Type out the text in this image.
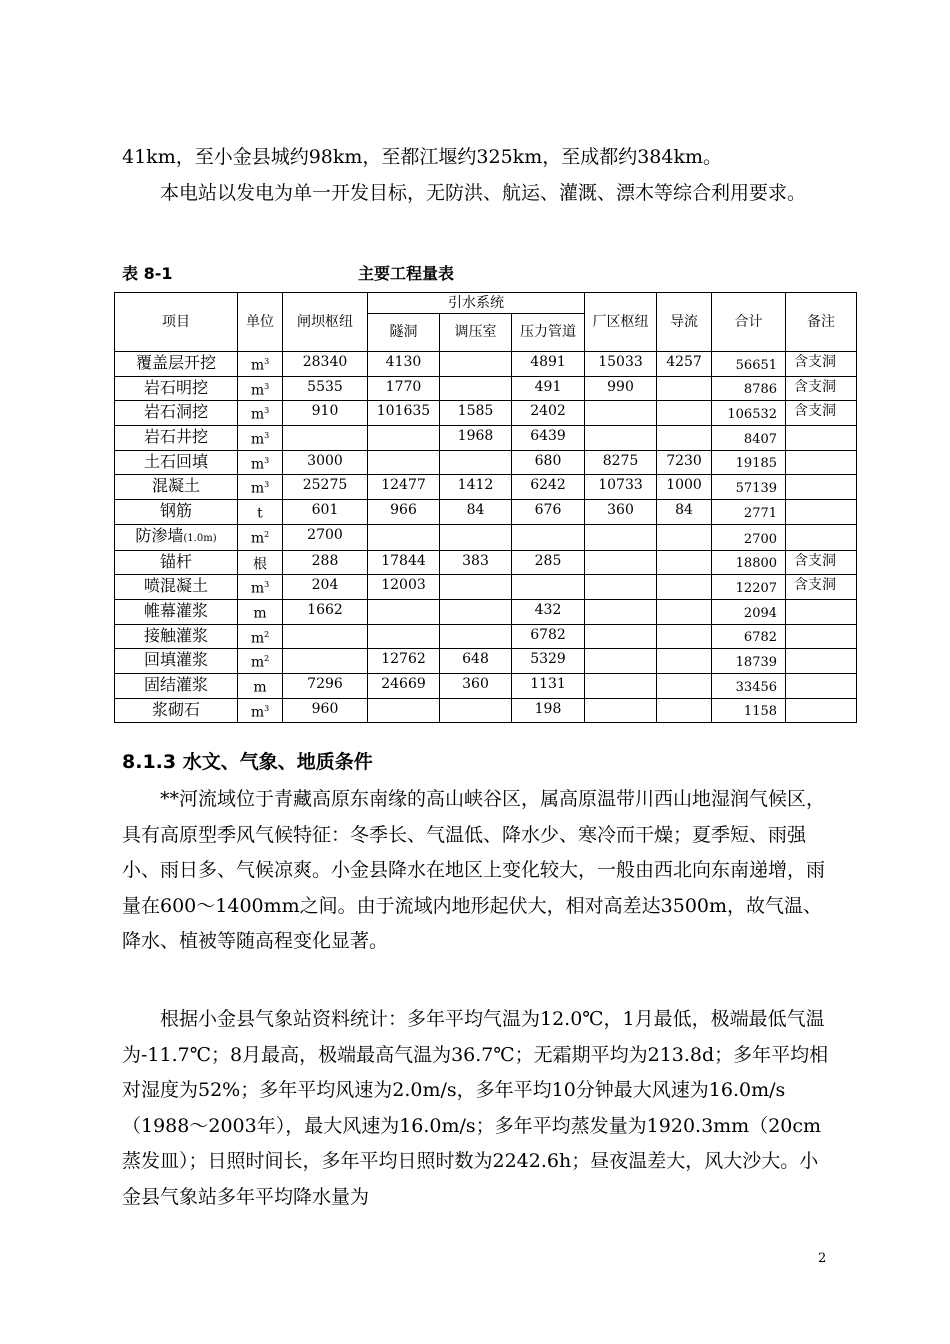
41km，至小金县城约98km，至都江堰约325km，至成都约384km。

本电站以发电为单一开发目标，无防洪、航运、灌溉、漂木等综合利用要求。

表 8-1	主要工程量表
项目	单位	闸坝枢纽	引水系统			厂区枢纽	导流	合计	备注
			隧洞	调压室	压力管道				
覆盖层开挖	$m^3$	28340	4130		4891	15033	4257	56651	含支洞
岩石明挖	$m^3$	5535	1770		491	990		8786	含支洞
岩石洞挖	$m^3$	910	101635	1585	2402			106532	含支洞
岩石井挖	$m^3$			1968	6439			8407	
土石回填	$m^3$	3000			680	8275	7230	19185	
混凝土	$m^3$	25275	12477	1412	6242	10733	1000	57139	
钢筋	t	601	966	84	676	360	84	2771	
防渗墙(1.0m)	$m^2$	2700						2700	
锚杆	根	288	17844	383	285			18800	含支洞
喷混凝土	$m^3$	204	12003					12207	含支洞
帷幕灌浆	m	1662			432			2094	
接触灌浆	$m^2$				6782			6782	
回填灌浆	$m^2$		12762	648	5329			18739	
固结灌浆	m	7296	24669	360	1131			33456	
浆砌石	$m^3$	960			198			1158	
8.1.3 水文、气象、地质条件

**河流域位于青藏高原东南缘的高山峡谷区，属高原温带川西山地湿润气候区，具有高原型季风气候特征：冬季长、气温低、降水少、寒冷而干燥；夏季短、雨强小、雨日多、气候凉爽。小金县降水在地区上变化较大，一般由西北向东南递增，雨量在600～1400mm之间。由于流域内地形起伏大，相对高差达3500m，故气温、降水、植被等随高程变化显著。

根据小金县气象站资料统计：多年平均气温为12.0℃，1月最低，极端最低气温为-11.7℃；8月最高，极端最高气温为36.7℃；无霜期平均为213.8d；多年平均相对湿度为52%；多年平均风速为2.0m/s，多年平均10分钟最大风速为16.0m/s（1988～2003年），最大风速为16.0m/s；多年平均蒸发量为1920.3mm（20cm蒸发皿）；日照时间长，多年平均日照时数为2242.6h；昼夜温差大，风大沙大。小金县气象站多年平均降水量为

2
